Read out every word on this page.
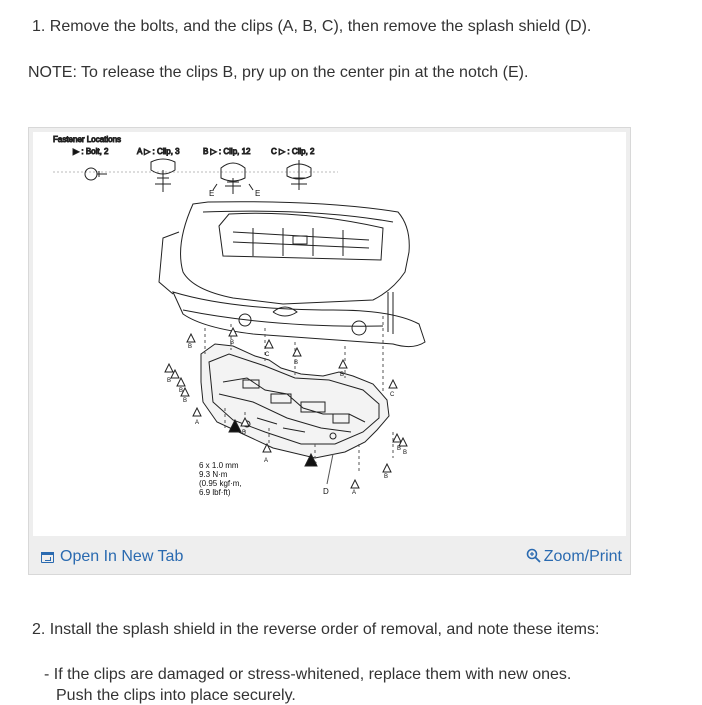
1. Remove the bolts, and the clips (A, B, C), then remove the splash shield (D).
NOTE: To release the clips B, pry up on the center pin at the notch (E).
Fastener Locations
▶ : Bolt, 2	A ▷ : Clip, 3	B ▷ : Clip, 12	C ▷ : Clip, 2
E	E
B
B
C
B
B
C
B
B
B
A
B
A
A
B
B
B
B
6 x 1.0 mm
9.3 N·m
(0.95 kgf·m,
6.9 lbf·ft)	D
Open In New Tab	Zoom/Print
2. Install the splash shield in the reverse order of removal, and note these items:
- If the clips are damaged or stress-whitened, replace them with new ones.
Push the clips into place securely.
